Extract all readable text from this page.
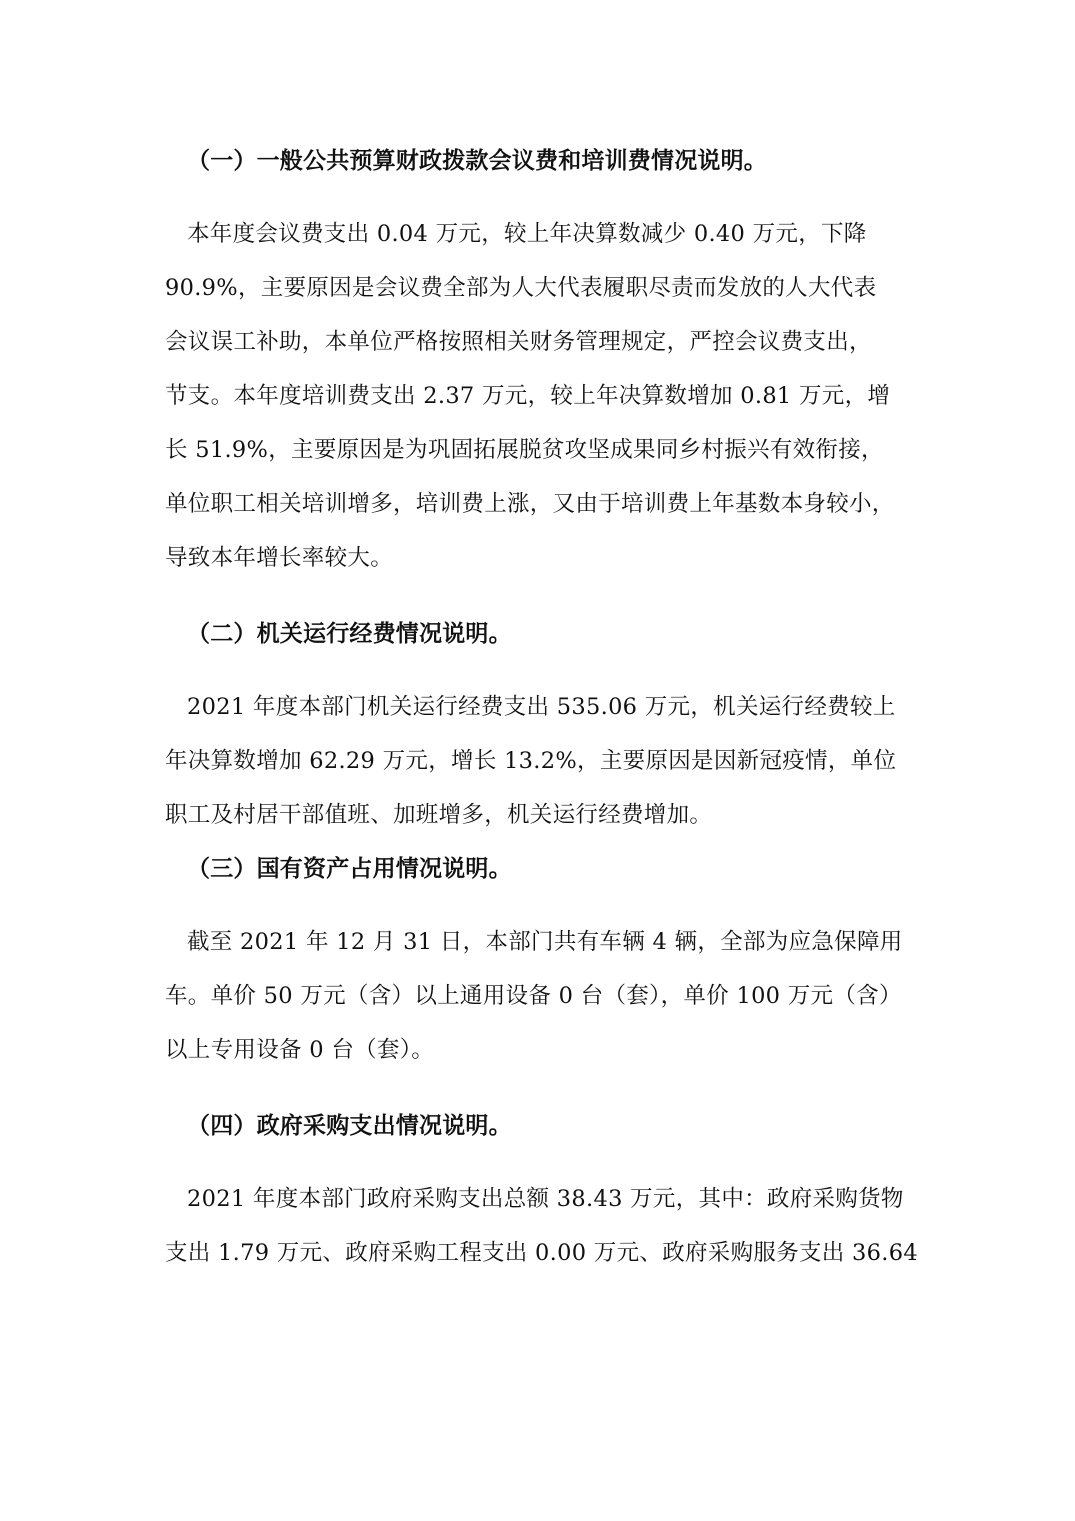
（一）一般公共预算财政拨款会议费和培训费情况说明。

本年度会议费支出 0.04 万元，较上年决算数减少 0.40 万元，下降
90.9%，主要原因是会议费全部为人大代表履职尽责而发放的人大代表
会议误工补助，本单位严格按照相关财务管理规定，严控会议费支出，
节支。本年度培训费支出 2.37 万元，较上年决算数增加 0.81 万元，增
长 51.9%，主要原因是为巩固拓展脱贫攻坚成果同乡村振兴有效衔接，
单位职工相关培训增多，培训费上涨，又由于培训费上年基数本身较小，
导致本年增长率较大。

（二）机关运行经费情况说明。

2021 年度本部门机关运行经费支出 535.06 万元，机关运行经费较上
年决算数增加 62.29 万元，增长 13.2%，主要原因是因新冠疫情，单位
职工及村居干部值班、加班增多，机关运行经费增加。

（三）国有资产占用情况说明。

截至 2021 年 12 月 31 日，本部门共有车辆 4 辆，全部为应急保障用
车。单价 50 万元（含）以上通用设备 0 台（套），单价 100 万元（含）
以上专用设备 0 台（套）。

（四）政府采购支出情况说明。

2021 年度本部门政府采购支出总额 38.43 万元，其中：政府采购货物
支出 1.79 万元、政府采购工程支出 0.00 万元、政府采购服务支出 36.64
